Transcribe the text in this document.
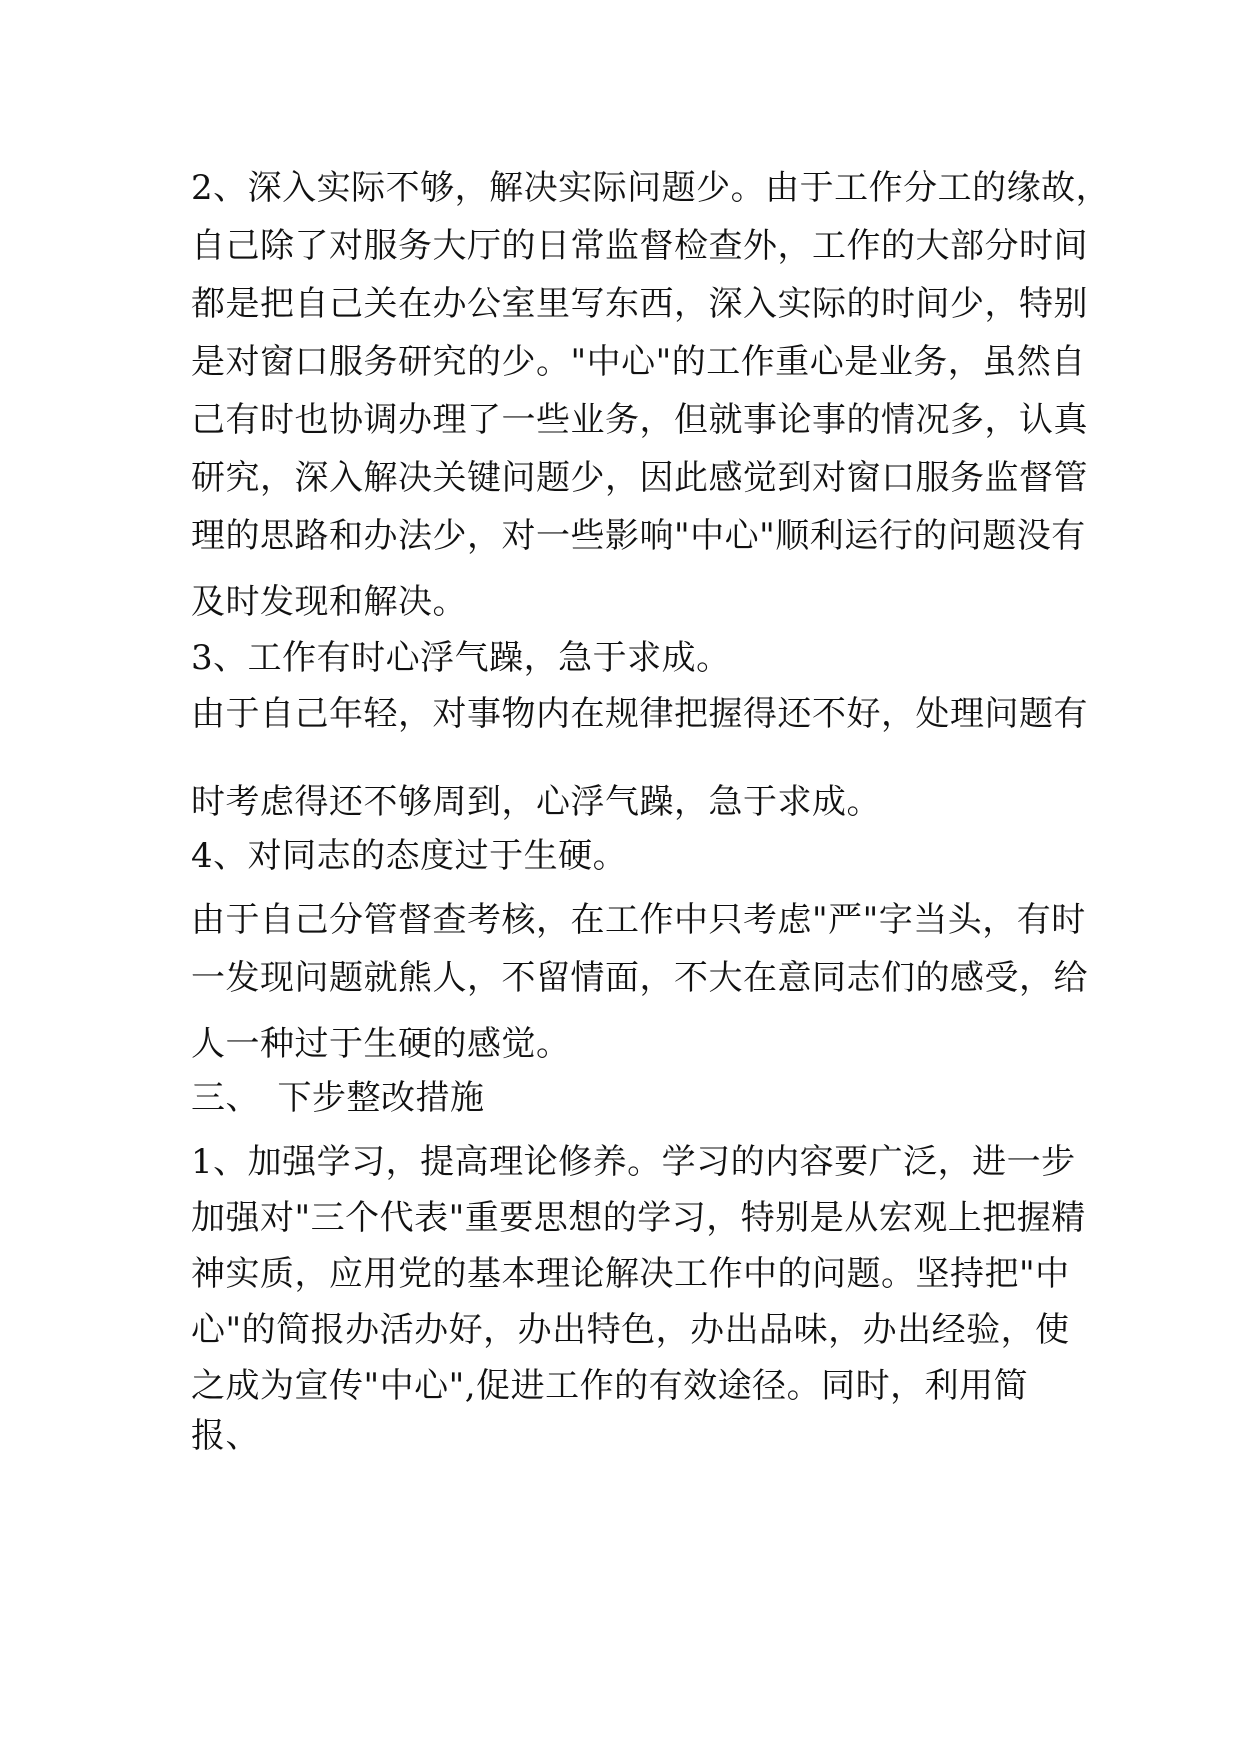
2、深入实际不够，解决实际问题少。由于工作分工的缘故，

自己除了对服务大厅的日常监督检查外，工作的大部分时间

都是把自己关在办公室里写东西，深入实际的时间少，特别

是对窗口服务研究的少。"中心"的工作重心是业务，虽然自

己有时也协调办理了一些业务，但就事论事的情况多，认真

研究，深入解决关键问题少，因此感觉到对窗口服务监督管

理的思路和办法少，对一些影响"中心"顺利运行的问题没有

及时发现和解决。

3、工作有时心浮气躁，急于求成。

由于自己年轻，对事物内在规律把握得还不好，处理问题有

时考虑得还不够周到，心浮气躁，急于求成。

4、对同志的态度过于生硬。

由于自己分管督查考核，在工作中只考虑"严"字当头，有时

一发现问题就熊人，不留情面，不大在意同志们的感受，给

人一种过于生硬的感觉。

三、　下步整改措施

1、加强学习，提高理论修养。学习的内容要广泛，进一步

加强对"三个代表"重要思想的学习，特别是从宏观上把握精

神实质，应用党的基本理论解决工作中的问题。坚持把"中

心"的简报办活办好，办出特色，办出品味，办出经验，使

之成为宣传"中心",促进工作的有效途径。同时，利用简

报、
